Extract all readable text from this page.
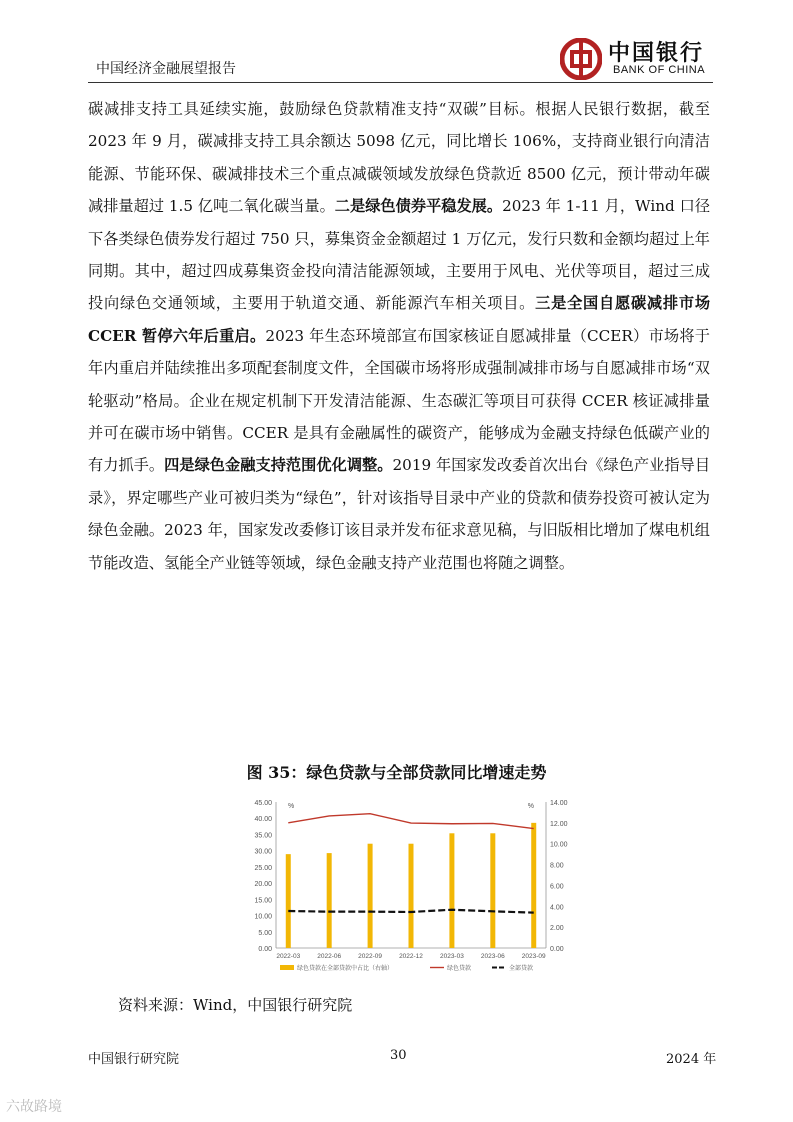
中国经济金融展望报告
中国银行
BANK OF CHINA
碳减排支持工具延续实施，鼓励绿色贷款精准支持“双碳”目标。根据人民银行数据，截至 2023 年 9 月，碳减排支持工具余额达 5098 亿元，同比增长 106%，支持商业银行向清洁能源、节能环保、碳减排技术三个重点减碳领域发放绿色贷款近 8500 亿元，预计带动年碳减排量超过 1.5 亿吨二氧化碳当量。二是绿色债券平稳发展。2023 年 1-11 月，Wind 口径下各类绿色债券发行超过 750 只，募集资金金额超过 1 万亿元，发行只数和金额均超过上年同期。其中，超过四成募集资金投向清洁能源领域，主要用于风电、光伏等项目，超过三成投向绿色交通领域，主要用于轨道交通、新能源汽车相关项目。三是全国自愿碳减排市场 CCER 暂停六年后重启。2023 年生态环境部宣布国家核证自愿减排量（CCER）市场将于年内重启并陆续推出多项配套制度文件，全国碳市场将形成强制减排市场与自愿减排市场“双轮驱动”格局。企业在规定机制下开发清洁能源、生态碳汇等项目可获得 CCER 核证减排量并可在碳市场中销售。CCER 是具有金融属性的碳资产，能够成为金融支持绿色低碳产业的有力抓手。四是绿色金融支持范围优化调整。2019 年国家发改委首次出台《绿色产业指导目录》，界定哪些产业可被归类为“绿色”，针对该指导目录中产业的贷款和债券投资可被认定为绿色金融。2023 年，国家发改委修订该目录并发布征求意见稿，与旧版相比增加了煤电机组节能改造、氢能全产业链等领域，绿色金融支持产业范围也将随之调整。
图 35：绿色贷款与全部贷款同比增速走势
0.00
5.00
10.00
15.00
20.00
25.00
30.00
35.00
40.00
45.00
0.00
2.00
4.00
6.00
8.00
10.00
12.00
14.00
%	%
2022-03	2022-06	2022-09	2022-12	2023-03	2023-06	2023-09
绿色贷款在全部贷款中占比（右轴）	绿色贷款	全部贷款
资料来源：Wind，中国银行研究院
中国银行研究院	30	2024 年
六故路境
